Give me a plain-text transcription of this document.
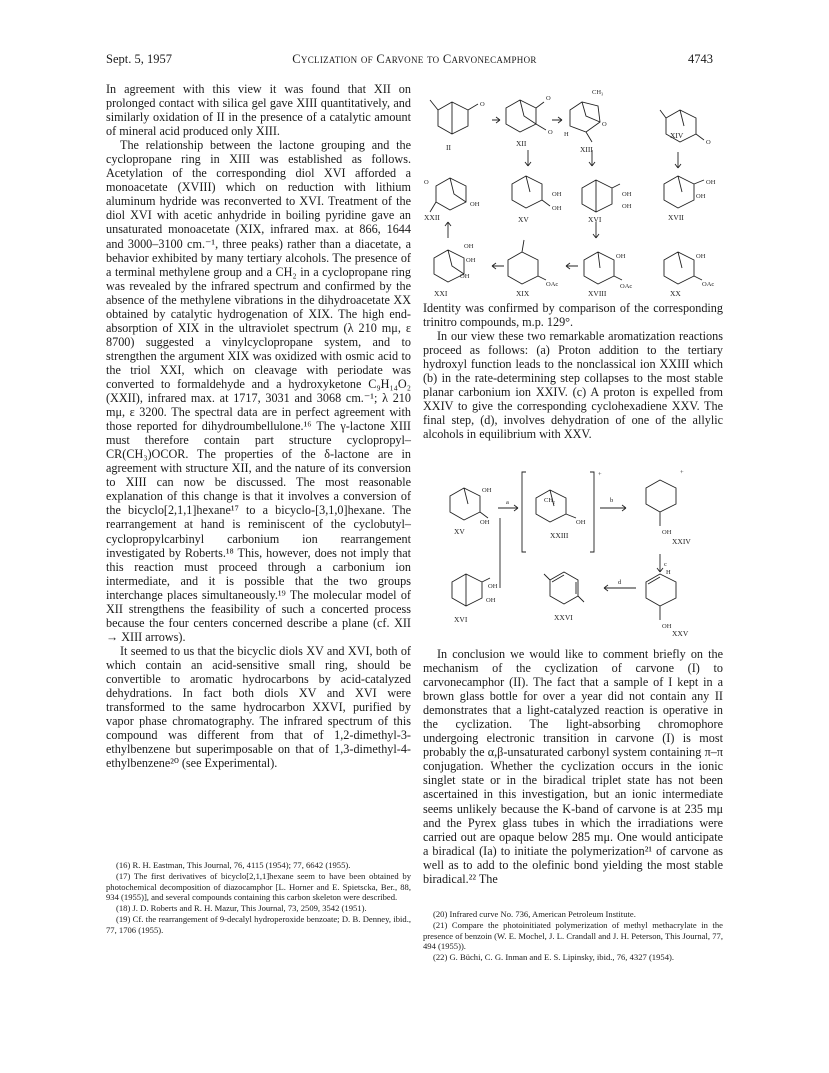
Sept. 5, 1957	Cyclization of Carvone to Carvonecamphor	4743

In agreement with this view it was found that XII on prolonged contact with silica gel gave XIII quantitatively, and similarly oxidation of II in the presence of a catalytic amount of mineral acid produced only XIII.

The relationship between the lactone grouping and the cyclopropane ring in XIII was established as follows. Acetylation of the corresponding diol XVI afforded a monoacetate (XVIII) which on reduction with lithium aluminum hydride was reconverted to XVI. Treatment of the diol XVI with acetic anhydride in boiling pyridine gave an unsaturated monoacetate (XIX, infrared max. at 866, 1644 and 3000–3100 cm.⁻¹, three peaks) rather than a diacetate, a behavior exhibited by many tertiary alcohols. The presence of a terminal methylene group and a CH₂ in a cyclopropane ring was revealed by the infrared spectrum and confirmed by the absence of the methylene vibrations in the dihydroacetate XX obtained by catalytic hydrogenation of XIX. The high end-absorption of XIX in the ultraviolet spectrum (λ 210 mμ, ε 8700) suggested a vinylcyclopropane system, and to strengthen the argument XIX was oxidized with osmic acid to the triol XXI, which on cleavage with periodate was converted to formaldehyde and a hydroxyketone C₉H₁₄O₂ (XXII), infrared max. at 1717, 3031 and 3068 cm.⁻¹; λ 210 mμ, ε 3200. The spectral data are in perfect agreement with those reported for dihydroumbellulone.¹⁶ The γ-lactone XIII must therefore contain part structure cyclopropyl–CR(CH₃)OCOR. The properties of the δ-lactone are in agreement with structure XII, and the nature of its conversion to XIII can now be discussed. The most reasonable explanation of this change is that it involves a conversion of the bicyclo[2,1,1]hexane¹⁷ to a bicyclo-[3,1,0]hexane. The rearrangement at hand is reminiscent of the cyclobutyl–cyclopropylcarbinyl carbonium ion rearrangement investigated by Roberts.¹⁸ This, however, does not imply that this reaction must proceed through a carbonium ion intermediate, and it is possible that the two groups interchange places simultaneously.¹⁹ The molecular model of XII strengthens the feasibility of such a concerted process because the four centers concerned describe a plane (cf. XII → XIII arrows).

It seemed to us that the bicyclic diols XV and XVI, both of which contain an acid-sensitive small ring, should be convertible to aromatic hydrocarbons by acid-catalyzed dehydrations. In fact both diols XV and XVI were transformed to the same hydrocarbon XXVI, purified by vapor phase chromatography. The infrared spectrum of this compound was different from that of 1,2-dimethyl-3-ethylbenzene but superimposable on that of 1,3-dimethyl-4-ethylbenzene²⁰ (see Experimental).

(16) R. H. Eastman, This Journal, 76, 4115 (1954); 77, 6642 (1955).

(17) The first derivatives of bicyclo[2,1,1]hexane seem to have been obtained by photochemical decomposition of diazocamphor [L. Horner and E. Spietscka, Ber., 88, 934 (1955)], and several compounds containing this carbon skeleton were described.

(18) J. D. Roberts and R. H. Mazur, This Journal, 73, 2509, 3542 (1951).

(19) Cf. the rearrangement of 9-decalyl hydroperoxide benzoate; D. B. Denney, ibid., 77, 1706 (1955).

II	XII
XIII
XIV
XXII	XV	XVI	XVII
XXI	XIX	XVIII	XX
O
O
O
O
O
O
CH₃
H
OH
OH
OH
OH
OH
OH
OH
OH
OH
OH
OH	OH
OAc	OAc	OAc

Identity was confirmed by comparison of the corresponding trinitro compounds, m.p. 129°.

In our view these two remarkable aromatization reactions proceed as follows: (a) Proton addition to the tertiary hydroxyl function leads to the nonclassical ion XXIII which (b) in the rate-determining step collapses to the most stable planar carbonium ion XXIV. (c) A proton is expelled from XXIV to give the corresponding cyclohexadiene XXV. The final step, (d), involves dehydration of one of the allylic alcohols in equilibrium with XXV.

XV	XXIII
XXIV
XVI	XXVI
XXV
a	b
c
d
OH
OH	OH
OH
OH
OH
OH
CH₂
H
+	+

In conclusion we would like to comment briefly on the mechanism of the cyclization of carvone (I) to carvonecamphor (II). The fact that a sample of I kept in a brown glass bottle for over a year did not contain any II demonstrates that a light-catalyzed reaction is operative in the cyclization. The light-absorbing chromophore undergoing electronic transition in carvone (I) is most probably the α,β-unsaturated carbonyl system containing π–π conjugation. Whether the cyclization occurs in the ionic singlet state or in the biradical triplet state has not been ascertained in this investigation, but an ionic intermediate seems unlikely because the K-band of carvone is at 235 mμ and the Pyrex glass tubes in which the irradiations were carried out are opaque below 285 mμ. One would anticipate a biradical (Ia) to initiate the polymerization²¹ of carvone as well as to add to the olefinic bond yielding the most stable biradical.²² The

(20) Infrared curve No. 736, American Petroleum Institute.

(21) Compare the photoinitiated polymerization of methyl methacrylate in the presence of benzoin (W. E. Mochel, J. L. Crandall and J. H. Peterson, This Journal, 77, 494 (1955)).

(22) G. Büchi, C. G. Inman and E. S. Lipinsky, ibid., 76, 4327 (1954).
